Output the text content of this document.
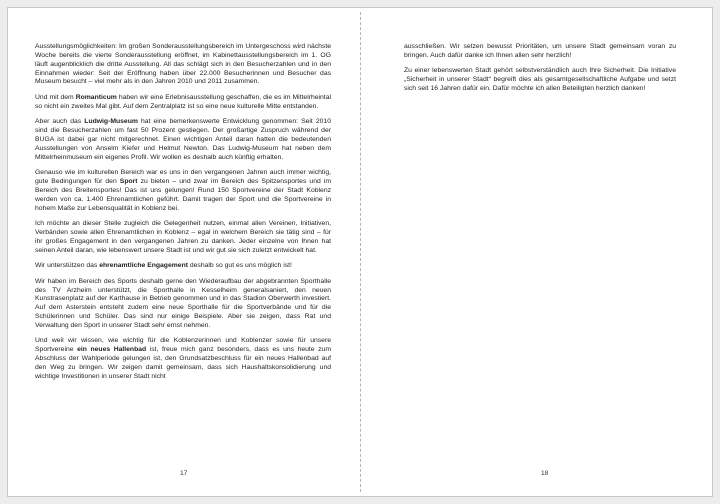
Ausstellungsmöglichkeiten: Im großen Sonderausstellungsbereich im Untergeschoss wird nächste Woche bereits die vierte Sonderausstellung eröffnet, im Kabinettausstellungsbereich im 1. OG läuft augenblicklich die dritte Ausstellung. All das schlägt sich in den Besucherzahlen und in den Einnahmen wieder: Seit der Eröffnung haben über 22.000 Besucherinnen und Besucher das Museum besucht – viel mehr als in den Jahren 2010 und 2011 zusammen.

Und mit dem Romanticum haben wir eine Erlebnisausstellung geschaffen, die es im Mittelrheintal so nicht ein zweites Mal gibt. Auf dem Zentralplatz ist so eine neue kulturelle Mitte entstanden.

Aber auch das Ludwig-Museum hat eine bemerkenswerte Entwicklung genommen: Seit 2010 sind die Besucherzahlen um fast 50 Prozent gestiegen. Der großartige Zuspruch während der BUGA ist dabei gar nicht mitgerechnet. Einen wichtigen Anteil daran hatten die bedeutenden Ausstellungen von Anselm Kiefer und Helmut Newton. Das Ludwig-Museum hat neben dem Mittelrheinmuseum ein eigenes Profil. Wir wollen es deshalb auch künftig erhalten.

Genauso wie im kulturellen Bereich war es uns in den vergangenen Jahren auch immer wichtig, gute Bedingungen für den Sport zu bieten – und zwar im Bereich des Spitzensportes und im Bereich des Breitensportes! Das ist uns gelungen! Rund 150 Sportvereine der Stadt Koblenz werden von ca. 1.400 Ehrenamtlichen geführt. Damit tragen der Sport und die Sportvereine in hohem Maße zur Lebensqualität in Koblenz bei.

Ich möchte an dieser Stelle zugleich die Gelegenheit nutzen, einmal allen Vereinen, Initiativen, Verbänden sowie allen Ehrenamtlichen in Koblenz – egal in welchem Bereich sie tätig sind – für ihr großes Engagement in den vergangenen Jahren zu danken. Jeder einzelne von Ihnen hat seinen Anteil daran, wie lebenswert unsere Stadt ist und wir gut sie sich zuletzt entwickelt hat.

Wir unterstützen das ehrenamtliche Engagement deshalb so gut es uns möglich ist!

Wir haben im Bereich des Sports deshalb gerne den Wiederaufbau der abgebrannten Sporthalle des TV Arzheim unterstützt, die Sporthalle in Kesselheim generalsaniert, den neuen Kunstrasenplatz auf der Karthause in Betrieb genommen und in das Stadion Oberwerth investiert. Auf dem Asterstein entsteht zudem eine neue Sporthalle für die Sportverbände und für die Schülerinnen und Schüler. Das sind nur einige Beispiele. Aber sie zeigen, dass Rat und Verwaltung den Sport in unserer Stadt sehr ernst nehmen.

Und weil wir wissen, wie wichtig für die Koblenzerinnen und Koblenzer sowie für unsere Sportvereine ein neues Hallenbad ist, freue mich ganz besonders, dass es uns heute zum Abschluss der Wahlperiode gelungen ist, den Grundsatzbeschluss für ein neues Hallenbad auf den Weg zu bringen. Wir zeigen damit gemeinsam, dass sich Haushaltskonsolidierung und wichtige Investitionen in unserer Stadt nicht

17

ausschließen. Wir setzen bewusst Prioritäten, um unsere Stadt gemeinsam voran zu bringen. Auch dafür danke ich Ihnen allen sehr herzlich!

Zu einer lebenswerten Stadt gehört selbstverständlich auch Ihre Sicherheit. Die Initiative „Sicherheit in unserer Stadt“ begreift dies als gesamtgesellschaftliche Aufgabe und setzt sich seit 16 Jahren dafür ein. Dafür möchte ich allen Beteiligten herzlich danken!

18
